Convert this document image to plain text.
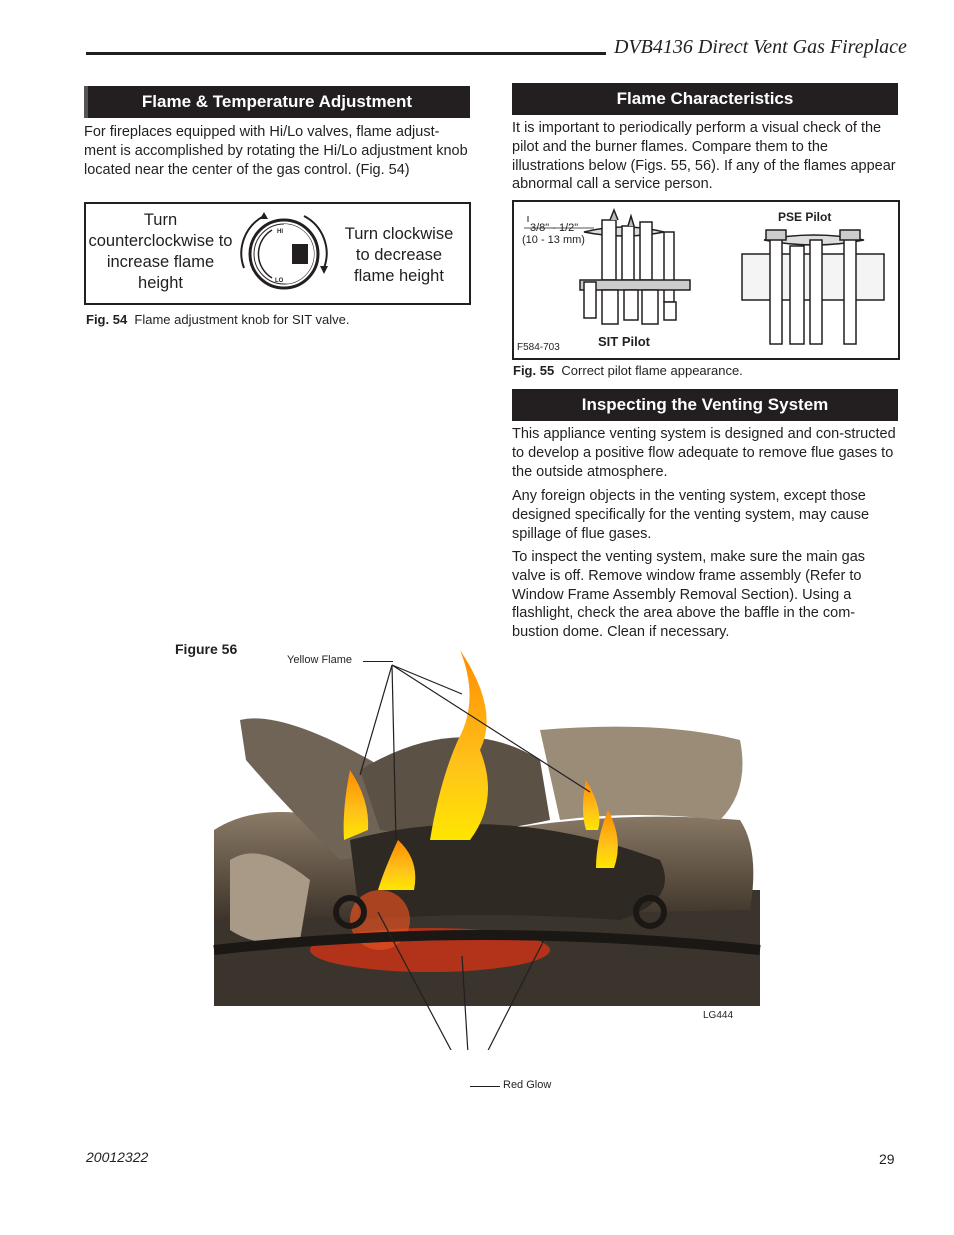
DVB4136 Direct Vent Gas Fireplace
Flame & Temperature Adjustment
For fireplaces equipped with Hi/Lo valves, flame adjust-ment is accomplished by rotating the Hi/Lo adjustment knob located near the center of the gas control. (Fig. 54)
Turn counterclockwise to increase flame height
HI
LO
Turn clockwise to decrease flame height
Fig. 54 Flame adjustment knob for SIT valve.
Flame Characteristics
It is important to periodically perform a visual check of the pilot and the burner flames. Compare them to the illustrations below (Figs. 55, 56). If any of the flames appear abnormal call a service person.
3/8" - 1/2"
(10 - 13 mm)
PSE Pilot
SIT Pilot
F584-703
Fig. 55 Correct pilot flame appearance.
Inspecting the Venting System
This appliance venting system is designed and con-structed to develop a positive flow adequate to remove flue gases to the outside atmosphere.
Any foreign objects in the venting system, except those designed specifically for the venting system, may cause spillage of flue gases.
To inspect the venting system, make sure the main gas valve is off. Remove window frame assembly (Refer to Window Frame Assembly Removal Section). Using a flashlight, check the area above the baffle in the com-bustion dome. Clean if necessary.
Figure 56
Yellow Flame
LG444
Red Glow
20012322	29
